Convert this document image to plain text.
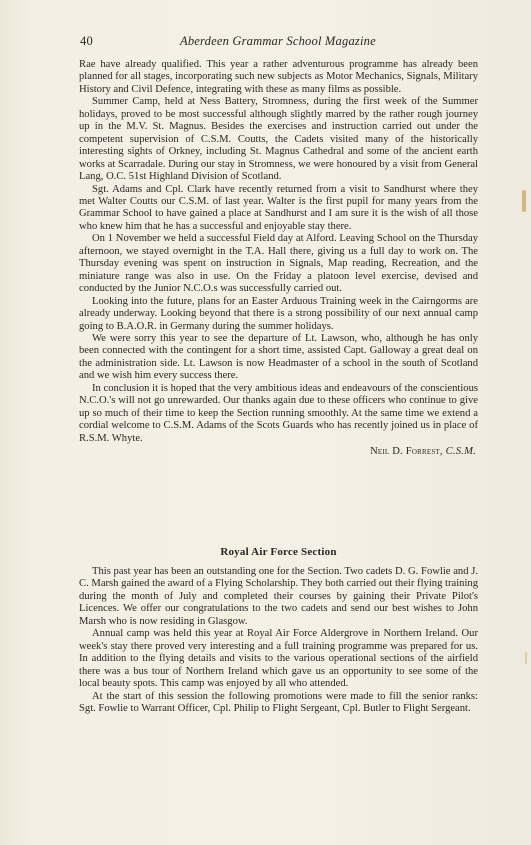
40	Aberdeen Grammar School Magazine

Rae have already qualified. This year a rather adventurous programme has already been planned for all stages, incorporating such new subjects as Motor Mechanics, Signals, Military History and Civil Defence, integrating with these as many films as possible.

Summer Camp, held at Ness Battery, Stromness, during the first week of the Summer holidays, proved to be most successful although slightly marred by the rather rough journey up in the M.V. St. Magnus. Besides the exercises and instruction carried out under the competent supervision of C.S.M. Coutts, the Cadets visited many of the historically interesting sights of Orkney, including St. Magnus Cathedral and some of the ancient earth works at Scarradale. During our stay in Stromness, we were honoured by a visit from General Lang, O.C. 51st Highland Division of Scotland.

Sgt. Adams and Cpl. Clark have recently returned from a visit to Sandhurst where they met Walter Coutts our C.S.M. of last year. Walter is the first pupil for many years from the Grammar School to have gained a place at Sandhurst and I am sure it is the wish of all those who knew him that he has a successful and enjoyable stay there.

On 1 November we held a successful Field day at Alford. Leaving School on the Thursday afternoon, we stayed overnight in the T.A. Hall there, giving us a full day to work on. The Thursday evening was spent on instruction in Signals, Map reading, Recreation, and the miniature range was also in use. On the Friday a platoon level exercise, devised and conducted by the Junior N.C.O.s was successfully carried out.

Looking into the future, plans for an Easter Arduous Training week in the Cairngorms are already underway. Looking beyond that there is a strong possibility of our next annual camp going to B.A.O.R. in Germany during the summer holidays.

We were sorry this year to see the departure of Lt. Lawson, who, although he has only been connected with the contingent for a short time, assisted Capt. Galloway a great deal on the administration side. Lt. Lawson is now Headmaster of a school in the south of Scotland and we wish him every success there.

In conclusion it is hoped that the very ambitious ideas and endeavours of the conscientious N.C.O.'s will not go unrewarded. Our thanks again due to these officers who continue to give up so much of their time to keep the Section running smoothly. At the same time we extend a cordial welcome to C.S.M. Adams of the Scots Guards who has recently joined us in place of R.S.M. Whyte.

Neil D. Forrest, C.S.M.
Royal Air Force Section

This past year has been an outstanding one for the Section. Two cadets D. G. Fowlie and J. C. Marsh gained the award of a Flying Scholarship. They both carried out their flying training during the month of July and completed their courses by gaining their Private Pilot's Licences. We offer our congratulations to the two cadets and send our best wishes to John Marsh who is now residing in Glasgow.

Annual camp was held this year at Royal Air Force Aldergrove in Northern Ireland. Our week's stay there proved very interesting and a full training programme was prepared for us. In addition to the flying details and visits to the various operational sections of the airfield there was a bus tour of Northern Ireland which gave us an opportunity to see some of the local beauty spots. This camp was enjoyed by all who attended.

At the start of this session the following promotions were made to fill the senior ranks: Sgt. Fowlie to Warrant Officer, Cpl. Philip to Flight Sergeant, Cpl. Butler to Flight Sergeant.
